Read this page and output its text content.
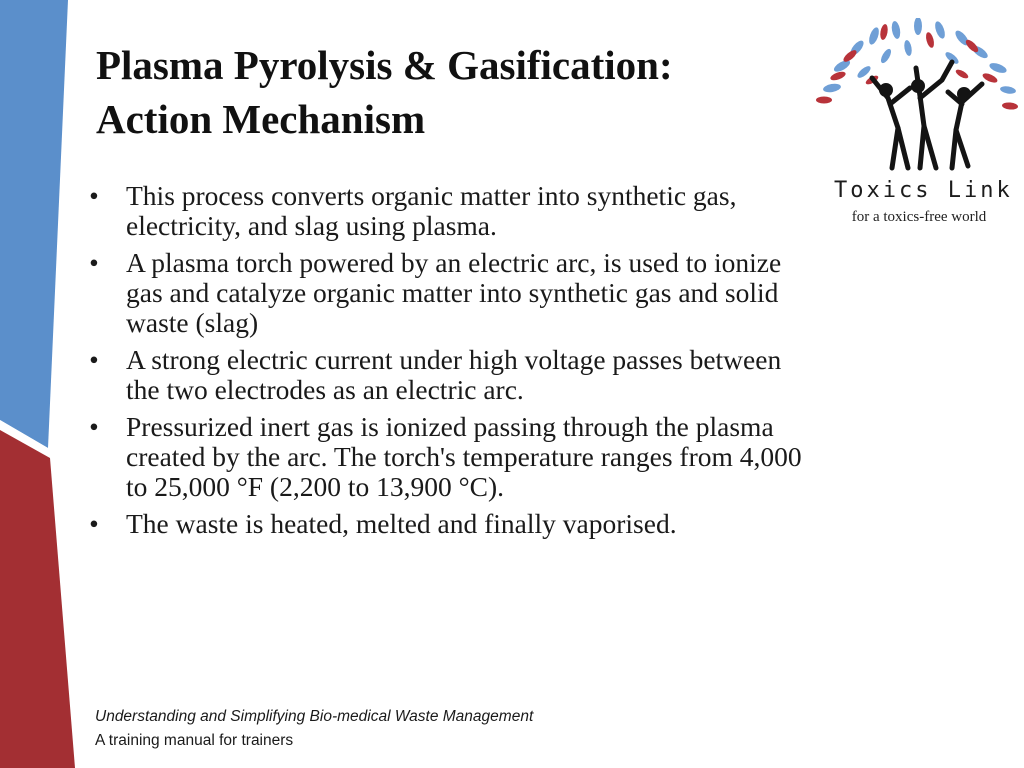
Plasma Pyrolysis & Gasification:
Action Mechanism
• This process converts organic matter into synthetic gas, electricity, and slag using plasma.
• A plasma torch powered by an electric arc, is used to ionize gas and catalyze organic matter into synthetic gas and solid waste (slag)
• A strong electric current under high voltage passes between the two electrodes as an electric arc.
• Pressurized inert gas is ionized passing through the plasma created by the arc. The torch's temperature ranges from 4,000 to 25,000 °F (2,200 to 13,900 °C).
• The waste is heated, melted and finally vaporised.
Toxics Link
for a toxics-free world
Understanding and Simplifying Bio-medical Waste Management
A training manual for trainers
